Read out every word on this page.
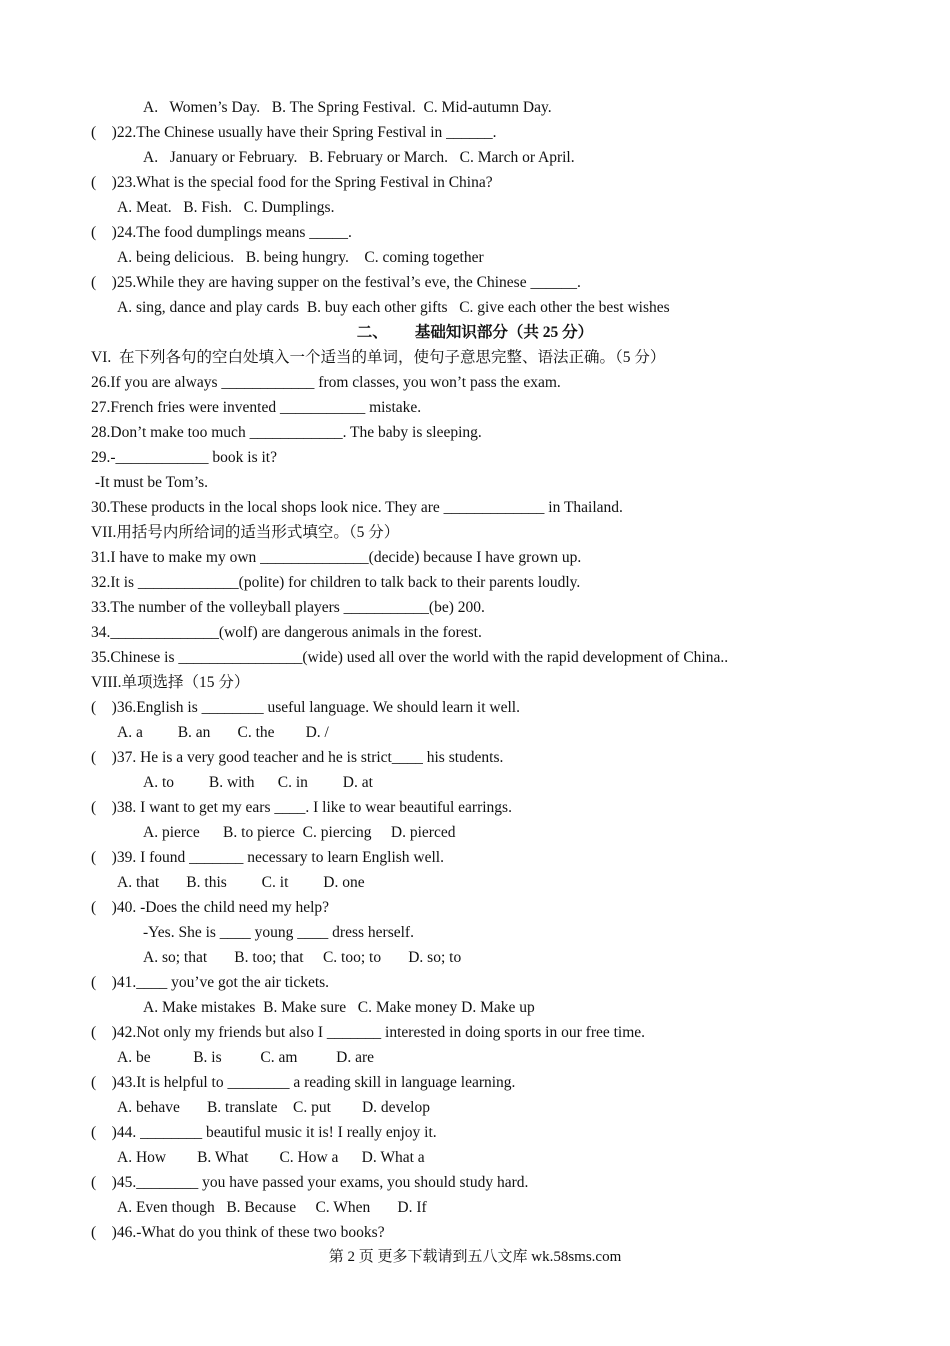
A.   Women’s Day.   B. The Spring Festival.  C. Mid-autumn Day.
(    )22.The Chinese usually have their Spring Festival in ______.
A.   January or February.   B. February or March.   C. March or April.
(    )23.What is the special food for the Spring Festival in China?
A. Meat.   B. Fish.   C. Dumplings.
(    )24.The food dumplings means _____.
A. being delicious.   B. being hungry.    C. coming together
(    )25.While they are having supper on the festival’s eve, the Chinese ______.
A. sing, dance and play cards  B. buy each other gifts   C. give each other the best wishes
二、       基础知识部分（共 25 分）
VI.  在下列各句的空白处填入一个适当的单词，使句子意思完整、语法正确。（5 分）
26.If you are always ____________ from classes, you won’t pass the exam.
27.French fries were invented ___________ mistake.
28.Don’t make too much ____________. The baby is sleeping.
29.-____________ book is it?
-It must be Tom’s.
30.These products in the local shops look nice. They are _____________ in Thailand.
VII.用括号内所给词的适当形式填空。（5 分）
31.I have to make my own ______________(decide) because I have grown up.
32.It is _____________(polite) for children to talk back to their parents loudly.
33.The number of the volleyball players ___________(be) 200.
34.______________(wolf) are dangerous animals in the forest.
35.Chinese is ________________(wide) used all over the world with the rapid development of China..
VIII.单项选择（15 分）
(    )36.English is ________ useful language. We should learn it well.
A. a         B. an       C. the        D. /
(    )37. He is a very good teacher and he is strict____ his students.
A. to         B. with      C. in         D. at
(    )38. I want to get my ears ____. I like to wear beautiful earrings.
A. pierce      B. to pierce  C. piercing     D. pierced
(    )39. I found _______ necessary to learn English well.
A. that       B. this         C. it         D. one
(    )40. -Does the child need my help?
-Yes. She is ____ young ____ dress herself.
A. so; that       B. too; that     C. too; to       D. so; to
(    )41.____ you’ve got the air tickets.
A. Make mistakes  B. Make sure   C. Make money D. Make up
(    )42.Not only my friends but also I _______ interested in doing sports in our free time.
A. be           B. is          C. am          D. are
(    )43.It is helpful to ________ a reading skill in language learning.
A. behave       B. translate    C. put        D. develop
(    )44. ________ beautiful music it is! I really enjoy it.
A. How        B. What        C. How a      D. What a
(    )45.________ you have passed your exams, you should study hard.
A. Even though   B. Because     C. When       D. If
(    )46.-What do you think of these two books?
第 2 页 更多下载请到五八文库 wk.58sms.com
